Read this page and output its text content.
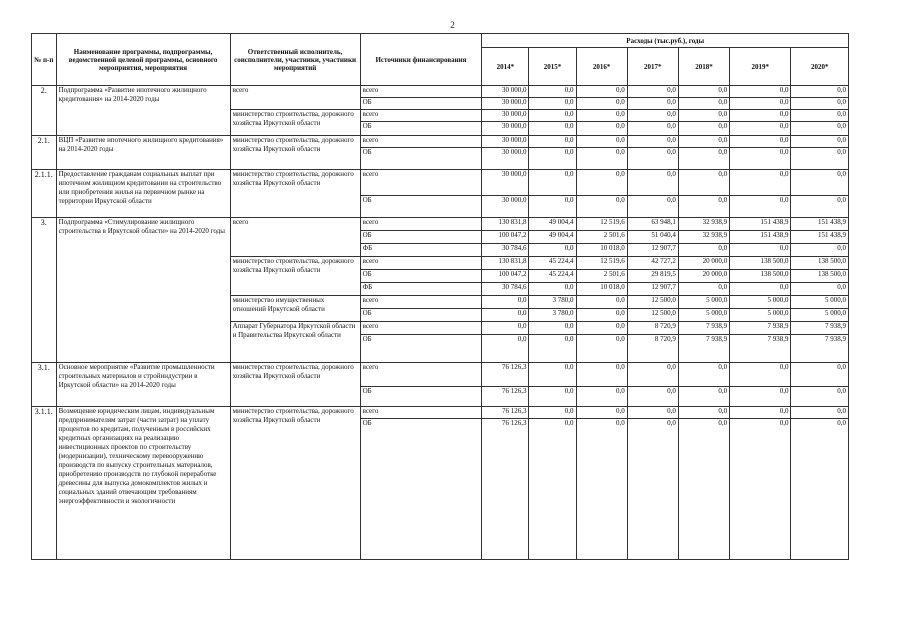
2
№ п-п	Наименование программы, подпрограммы, ведомственной целевой программы, основного мероприятия, мероприятия	Ответственный исполнитель, соисполнители, участники, участники мероприятий	Источники финансирования	Расходы (тыс.руб.), годы						
				2014*	2015*	2016*	2017*	2018*	2019*	2020*
2.	Подпрограмма «Развитие ипотечного жилищного кредитования» на 2014-2020 годы	всего	всего	30 000,0	0,0	0,0	0,0	0,0	0,0	0,0
			ОБ	30 000,0	0,0	0,0	0,0	0,0	0,0	0,0
		министерство строительства, дорожного хозяйства Иркутской области	всего	30 000,0	0,0	0,0	0,0	0,0	0,0	0,0
			ОБ	30 000,0	0,0	0,0	0,0	0,0	0,0	0,0
2.1.	ВЦП «Развитие ипотечного жилищного кредитования» на 2014-2020 годы	министерство строительства, дорожного хозяйства Иркутской области	всего	30 000,0	0,0	0,0	0,0	0,0	0,0	0,0
			ОБ	30 000,0	0,0	0,0	0,0	0,0	0,0	0,0
2.1.1.	Предоставление гражданам социальных выплат при ипотечном жилищном кредитовании на строительство или приобретения жилья на первичном рынке на территории Иркутской области	министерство строительства, дорожного хозяйства Иркутской области	всего	30 000,0	0,0	0,0	0,0	0,0	0,0	0,0
			ОБ	30 000,0	0,0	0,0	0,0	0,0	0,0	0,0
3.	Подпрограмма «Стимулирование жилищного строительства в Иркутской области» на 2014-2020 годы	всего	всего	130 831,8	49 004,4	12 519,6	63 948,1	32 938,9	151 438,9	151 438,9
			ОБ	100 047,2	49 004,4	2 501,6	51 040,4	32 938,9	151 438,9	151 438,9
			ФБ	30 784,6	0,0	10 018,0	12 907,7	0,0	0,0	0,0
		министерство строительства, дорожного хозяйства Иркутской области	всего	130 831,8	45 224,4	12 519,6	42 727,2	20 000,0	138 500,0	138 500,0
			ОБ	100 047,2	45 224,4	2 501,6	29 819,5	20 000,0	138 500,0	138 500,0
			ФБ	30 784,6	0,0	10 018,0	12 907,7	0,0	0,0	0,0
		министерство имущественных отношений Иркутской области	всего	0,0	3 780,0	0,0	12 500,0	5 000,0	5 000,0	5 000,0
			ОБ	0,0	3 780,0	0,0	12 500,0	5 000,0	5 000,0	5 000,0
		Аппарат Губернатора Иркутской области и Правительства Иркутской области	всего	0,0	0,0	0,0	8 720,9	7 938,9	7 938,9	7 938,9
			ОБ	0,0	0,0	0,0	8 720,9	7 938,9	7 938,9	7 938,9
3.1.	Основное мероприятие «Развитие промышленности строительных материалов и стройиндустрии в Иркутской области» на 2014-2020 годы	министерство строительства, дорожного хозяйства Иркутской области	всего	76 126,3	0,0	0,0	0,0	0,0	0,0	0,0
			ОБ	76 126,3	0,0	0,0	0,0	0,0	0,0	0,0
3.1.1.	Возмещение юридическим лицам, индивидуальным предпринимателям затрат (части затрат) на уплату процентов по кредитам, полученным в российских кредитных организациях на реализацию инвестиционных проектов по строительству (модернизации), техническому перевооружению производств по выпуску строительных материалов, приобретению производств по глубокой переработке древесины для выпуска домокомплектов жилых и социальных зданий отвечающим требованиям энергоэффективности и экологичности	министерство строительства, дорожного хозяйства Иркутской области	всего	76 126,3	0,0	0,0	0,0	0,0	0,0	0,0
			ОБ	76 126,3	0,0	0,0	0,0	0,0	0,0	0,0
